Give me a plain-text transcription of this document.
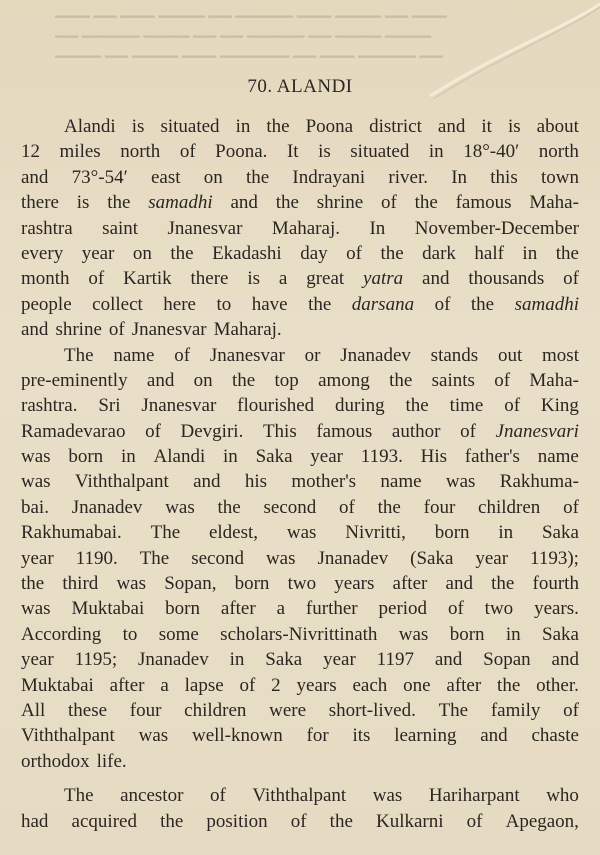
▁▁▁ ▁▁ ▁▁▁ ▁▁▁▁ ▁▁ ▁▁▁▁▁ ▁▁▁ ▁▁▁▁ ▁▁ ▁▁▁
▁▁ ▁▁▁▁▁ ▁▁▁▁ ▁▁ ▁▁ ▁▁▁▁▁ ▁▁ ▁▁▁▁ ▁▁▁▁
▁▁▁▁ ▁▁ ▁▁▁▁ ▁▁▁ ▁▁▁▁▁▁ ▁▁ ▁▁▁ ▁▁▁▁▁ ▁▁
70. ALANDI
Alandi is situated in the Poona district and it is about
12 miles north of Poona. It is situated in 18°-40′ north
and 73°-54′ east on the Indrayani river. In this town
there is the samadhi and the shrine of the famous Maha-
rashtra saint Jnanesvar Maharaj. In November-December
every year on the Ekadashi day of the dark half in the
month of Kartik there is a great yatra and thousands of
people collect here to have the darsana of the samadhi
and shrine of Jnanesvar Maharaj.
The name of Jnanesvar or Jnanadev stands out most
pre-eminently and on the top among the saints of Maha-
rashtra. Sri Jnanesvar flourished during the time of King
Ramadevarao of Devgiri. This famous author of Jnanesvari
was born in Alandi in Saka year 1193. His father's name
was Viththalpant and his mother's name was Rakhuma-
bai. Jnanadev was the second of the four children of
Rakhumabai. The eldest, was Nivritti, born in Saka
year 1190. The second was Jnanadev (Saka year 1193);
the third was Sopan, born two years after and the fourth
was Muktabai born after a further period of two years.
According to some scholars-Nivrittinath was born in Saka
year 1195; Jnanadev in Saka year 1197 and Sopan and
Muktabai after a lapse of 2 years each one after the other.
All these four children were short-lived. The family of
Viththalpant was well-known for its learning and chaste
orthodox life.
The ancestor of Viththalpant was Hariharpant who
had acquired the position of the Kulkarni of Apegaon,
